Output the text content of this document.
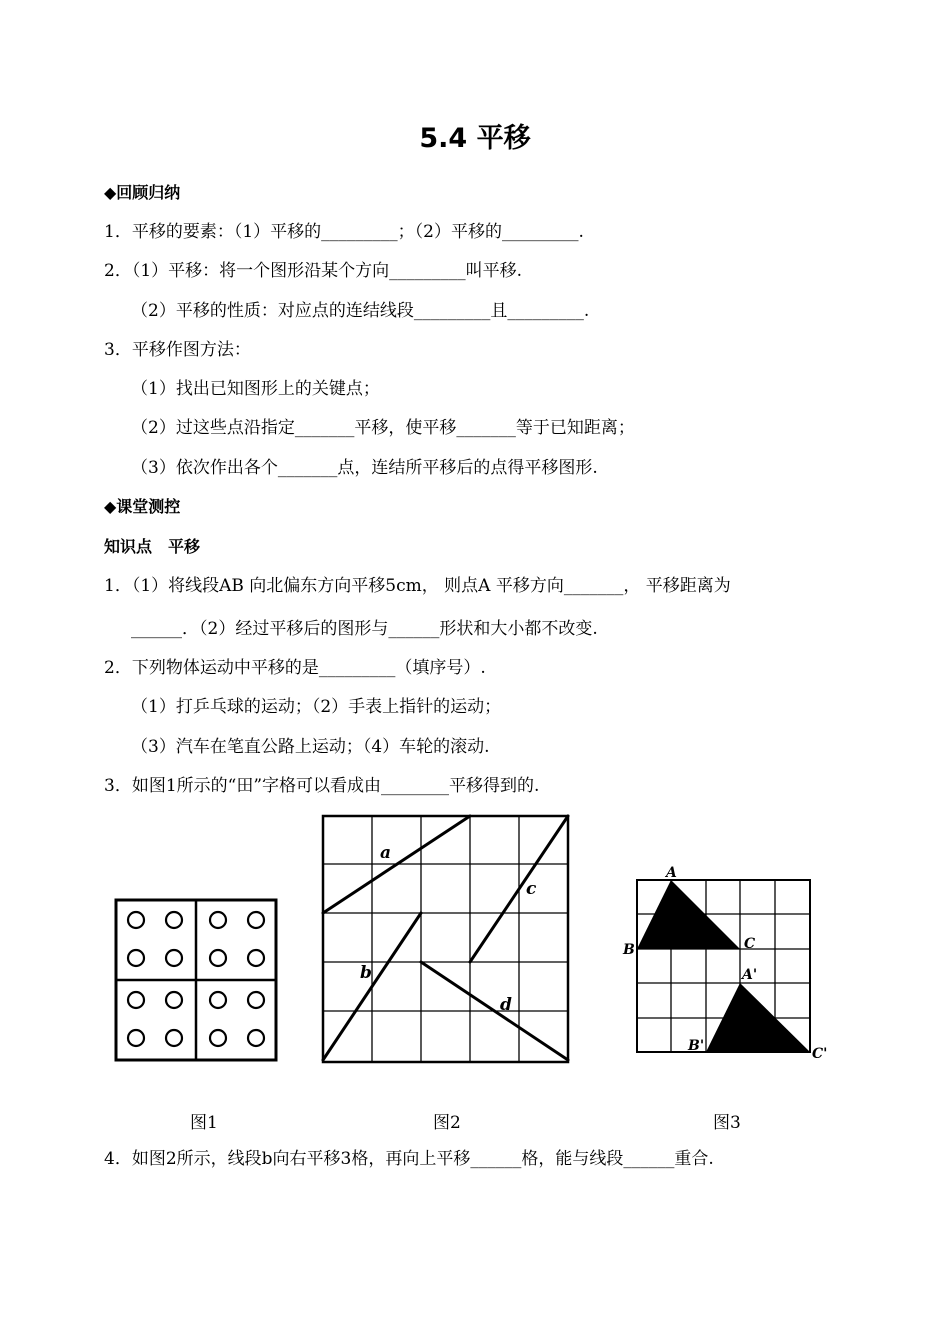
5.4 平移
◆回顾归纳
1．平移的要素：（1）平移的_________；（2）平移的_________.
2．（1）平移：将一个图形沿某个方向_________叫平移.
（2）平移的性质：对应点的连结线段_________且_________.
3．平移作图方法：
（1）找出已知图形上的关键点；
（2）过这些点沿指定_______平移，使平移_______等于已知距离；
（3）依次作出各个_______点，连结所平移后的点得平移图形.
◆课堂测控
知识点　平移
1．（1）将线段AB 向北偏东方向平移5cm， 则点A 平移方向_______， 平移距离为
______．（2）经过平移后的图形与______形状和大小都不改变.
2．下列物体运动中平移的是_________（填序号）.
（1）打乒乓球的运动；（2）手表上指针的运动；
（3）汽车在笔直公路上运动；（4）车轮的滚动.
3．如图1所示的“田”字格可以看成由________平移得到的.
a
b
c
d
A
B	C
A'
B'	C'
图1	图2	图3
4．如图2所示，线段b向右平移3格，再向上平移______格，能与线段______重合.
